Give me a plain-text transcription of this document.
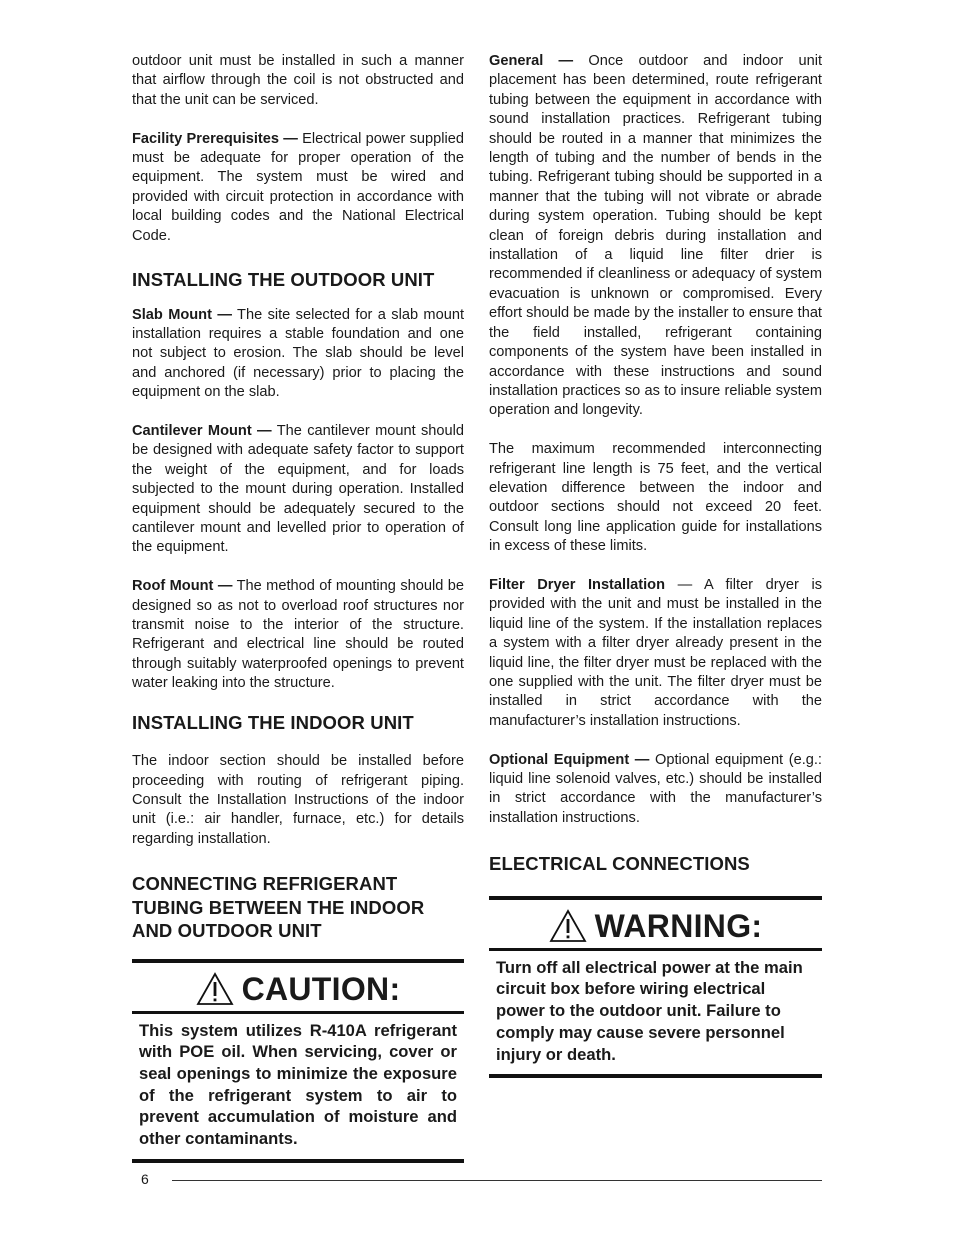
outdoor unit must be installed in such a manner that airflow through the coil is not obstructed and that the unit can be serviced.

Facility Prerequisites — Electrical power supplied must be adequate for proper operation of the equipment. The system must be wired and provided with circuit protection in accordance with local building codes and the National Electrical Code.

INSTALLING THE OUTDOOR UNIT

Slab Mount — The site selected for a slab mount installation requires a stable foundation and one not subject to erosion. The slab should be level and anchored (if necessary) prior to placing the equipment on the slab.

Cantilever Mount — The cantilever mount should be designed with adequate safety factor to support the weight of the equipment, and for loads subjected to the mount during operation. Installed equipment should be adequately secured to the cantilever mount and levelled prior to operation of the equipment.

Roof Mount — The method of mounting should be designed so as not to overload roof structures nor transmit noise to the interior of the structure. Refrigerant and electrical line should be routed through suitably waterproofed openings to prevent water leaking into the structure.

INSTALLING THE INDOOR UNIT

The indoor section should be installed before proceeding with routing of refrigerant piping. Consult the Installation Instructions of the indoor unit (i.e.: air handler, furnace, etc.) for details regarding installation.

CONNECTING REFRIGERANT TUBING BETWEEN THE INDOOR AND OUTDOOR UNIT
CAUTION:
This system utilizes R-410A refrigerant with POE oil. When servicing, cover or seal openings to minimize the exposure of the refrigerant system to air to prevent accumulation of moisture and other contaminants.

General — Once outdoor and indoor unit placement has been determined, route refrigerant tubing between the equipment in accordance with sound installation practices. Refrigerant tubing should be routed in a manner that minimizes the length of tubing and the number of bends in the tubing. Refrigerant tubing should be supported in a manner that the tubing will not vibrate or abrade during system operation. Tubing should be kept clean of foreign debris during installation and installation of a liquid line filter drier is recommended if cleanliness or adequacy of system evacuation is unknown or compromised. Every effort should be made by the installer to ensure that the field installed, refrigerant containing components of the system have been installed in accordance with these instructions and sound installation practices so as to insure reliable system operation and longevity.

The maximum recommended interconnecting refrigerant line length is 75 feet, and the vertical elevation difference between the indoor and outdoor sections should not exceed 20 feet. Consult long line application guide for installations in excess of these limits.

Filter Dryer Installation — A filter dryer is provided with the unit and must be installed in the liquid line of the system. If the installation replaces a system with a filter dryer already present in the liquid line, the filter dryer must be replaced with the one supplied with the unit. The filter dryer must be installed in strict accordance with the manufacturer’s installation instructions.

Optional Equipment — Optional equipment (e.g.: liquid line solenoid valves, etc.) should be installed in strict accordance with the manufacturer’s installation instructions.

ELECTRICAL CONNECTIONS
WARNING:
Turn off all electrical power at the main circuit box before wiring electrical power to the outdoor unit. Failure to comply may cause severe personnel injury or death.
6
